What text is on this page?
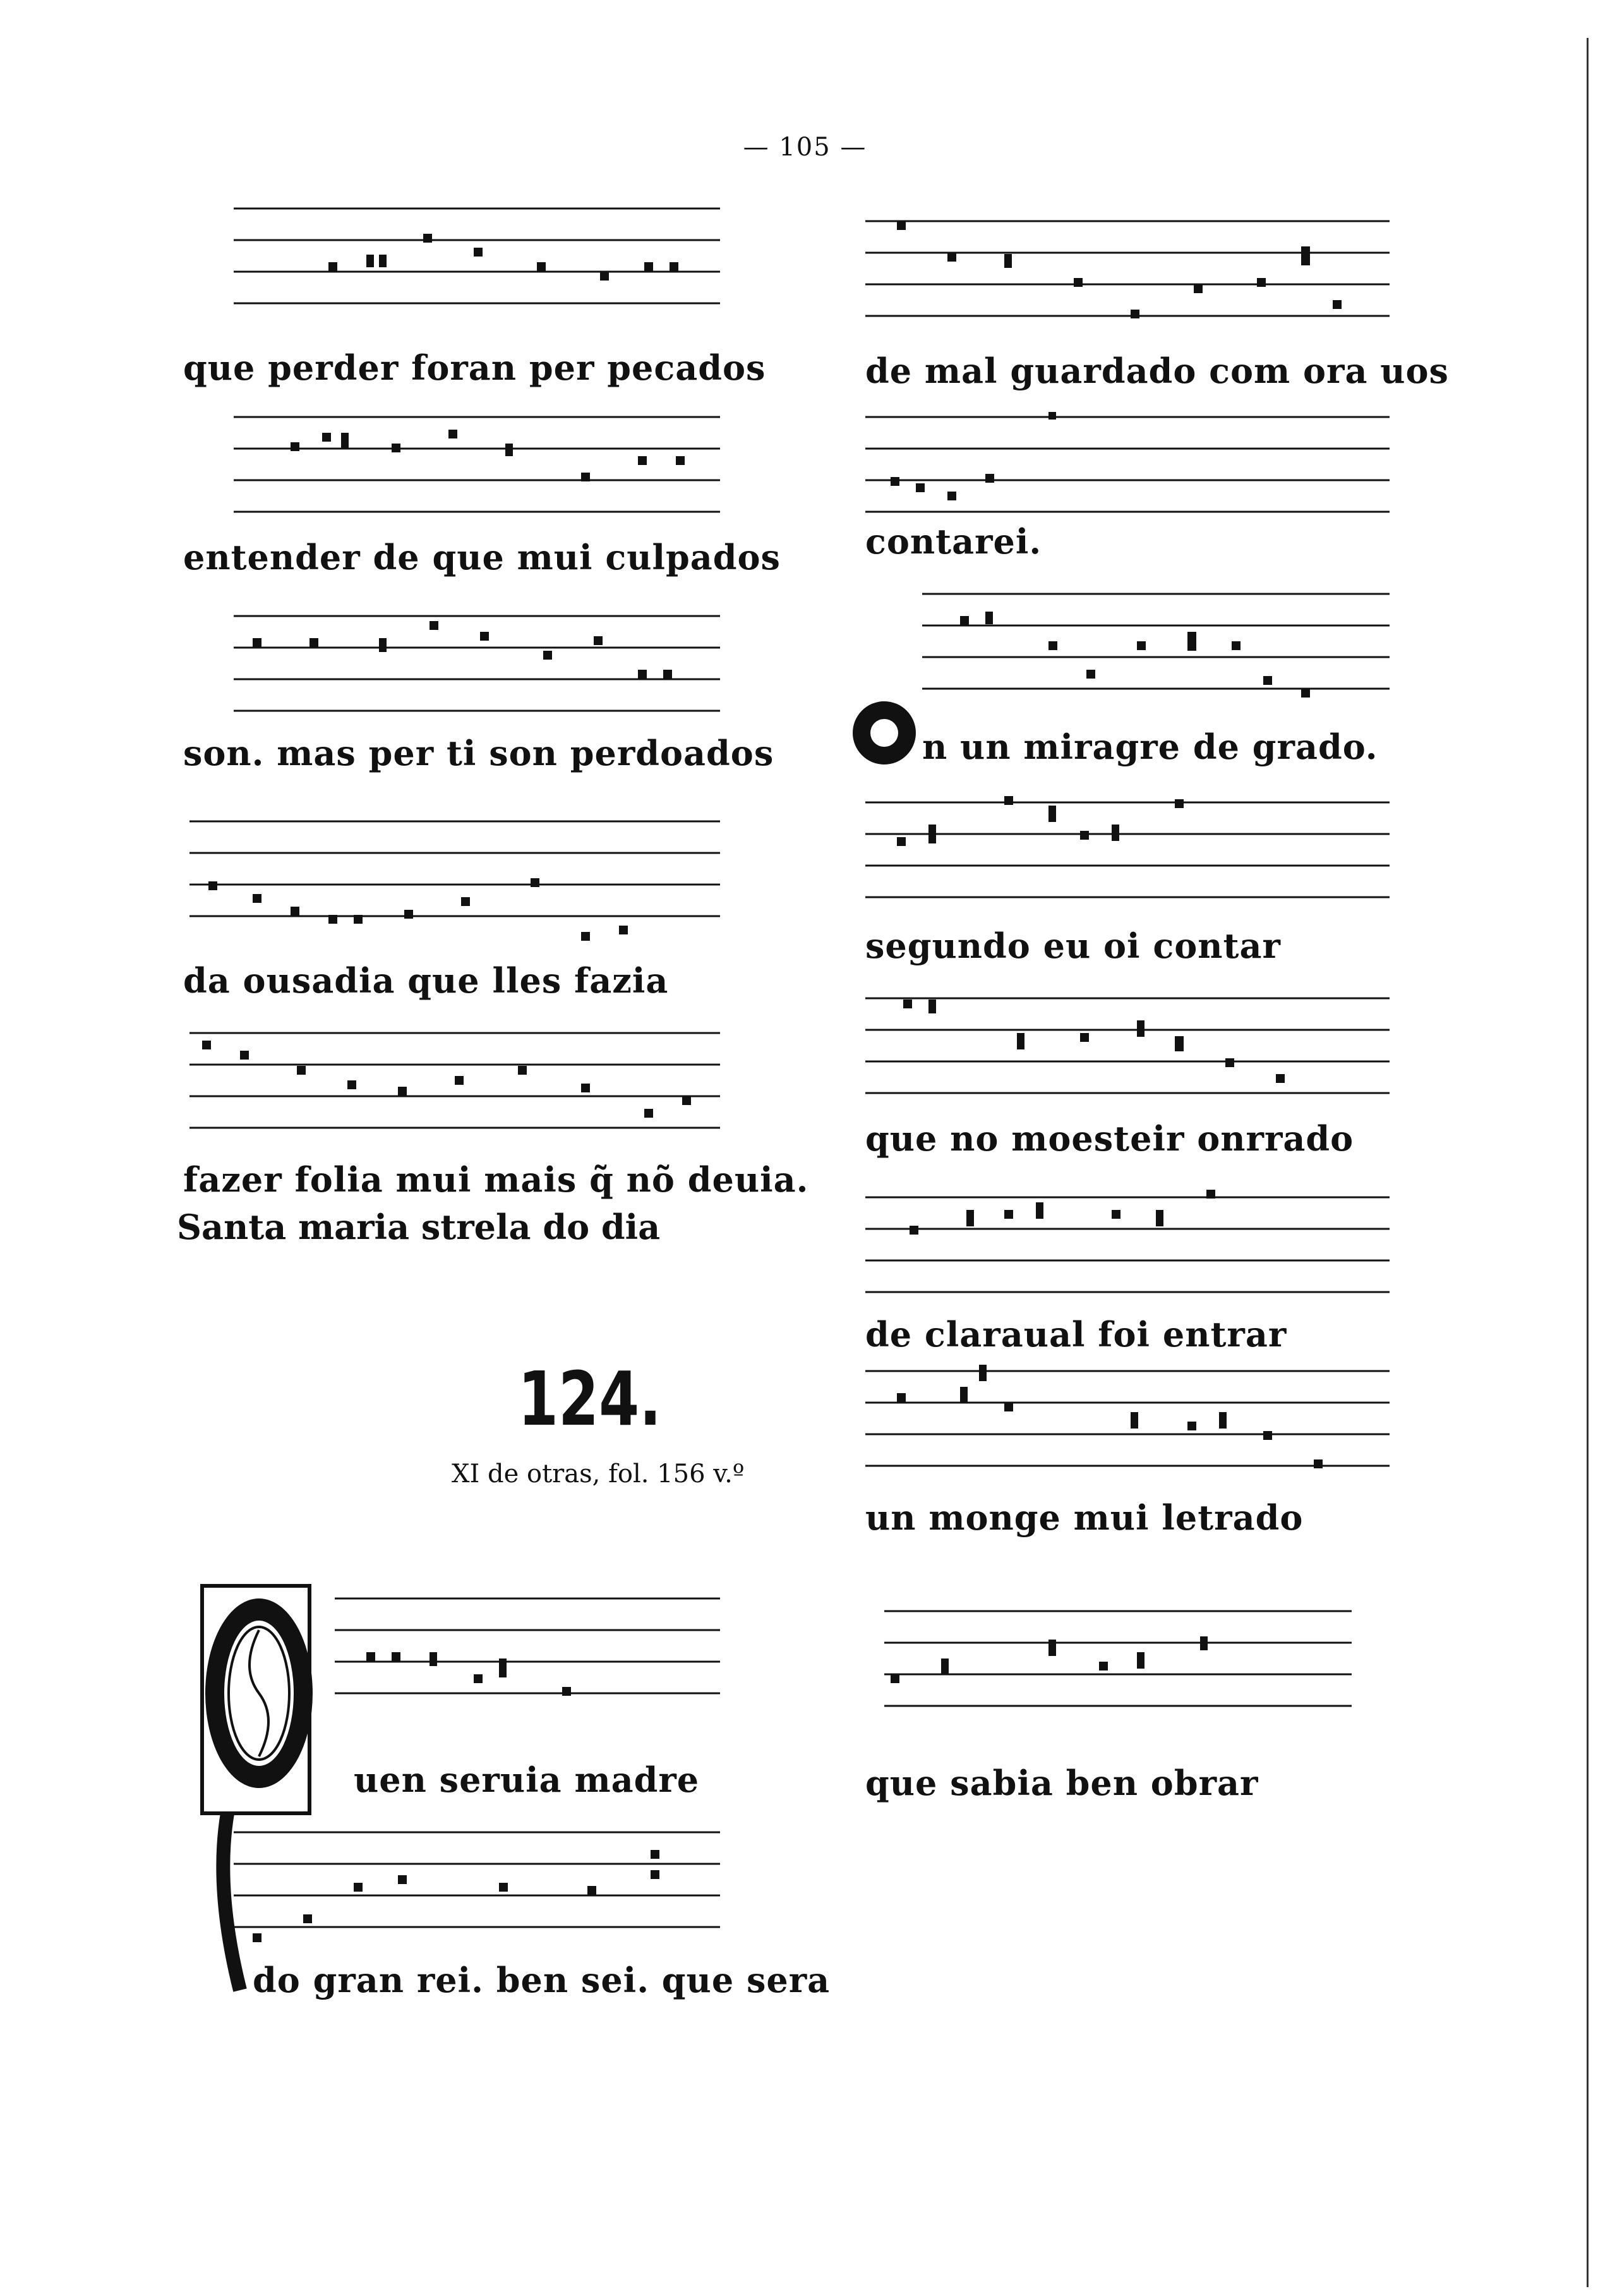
— 105 —
que perder foran per pecados
entender de que mui culpados
son. mas per ti son perdoados
da ousadia que lles fazia
fazer folia mui mais q̃ nõ deuia.
Santa maria strela do dia
124.
XI de otras, fol. 156 v.º
uen seruia madre
do gran rei. ben sei. que sera
de mal guardado com ora uos
contarei.
n un miragre de grado.
segundo eu oi contar
que no moesteir onrrado
de claraual foi entrar
un monge mui letrado
que sabia ben obrar
